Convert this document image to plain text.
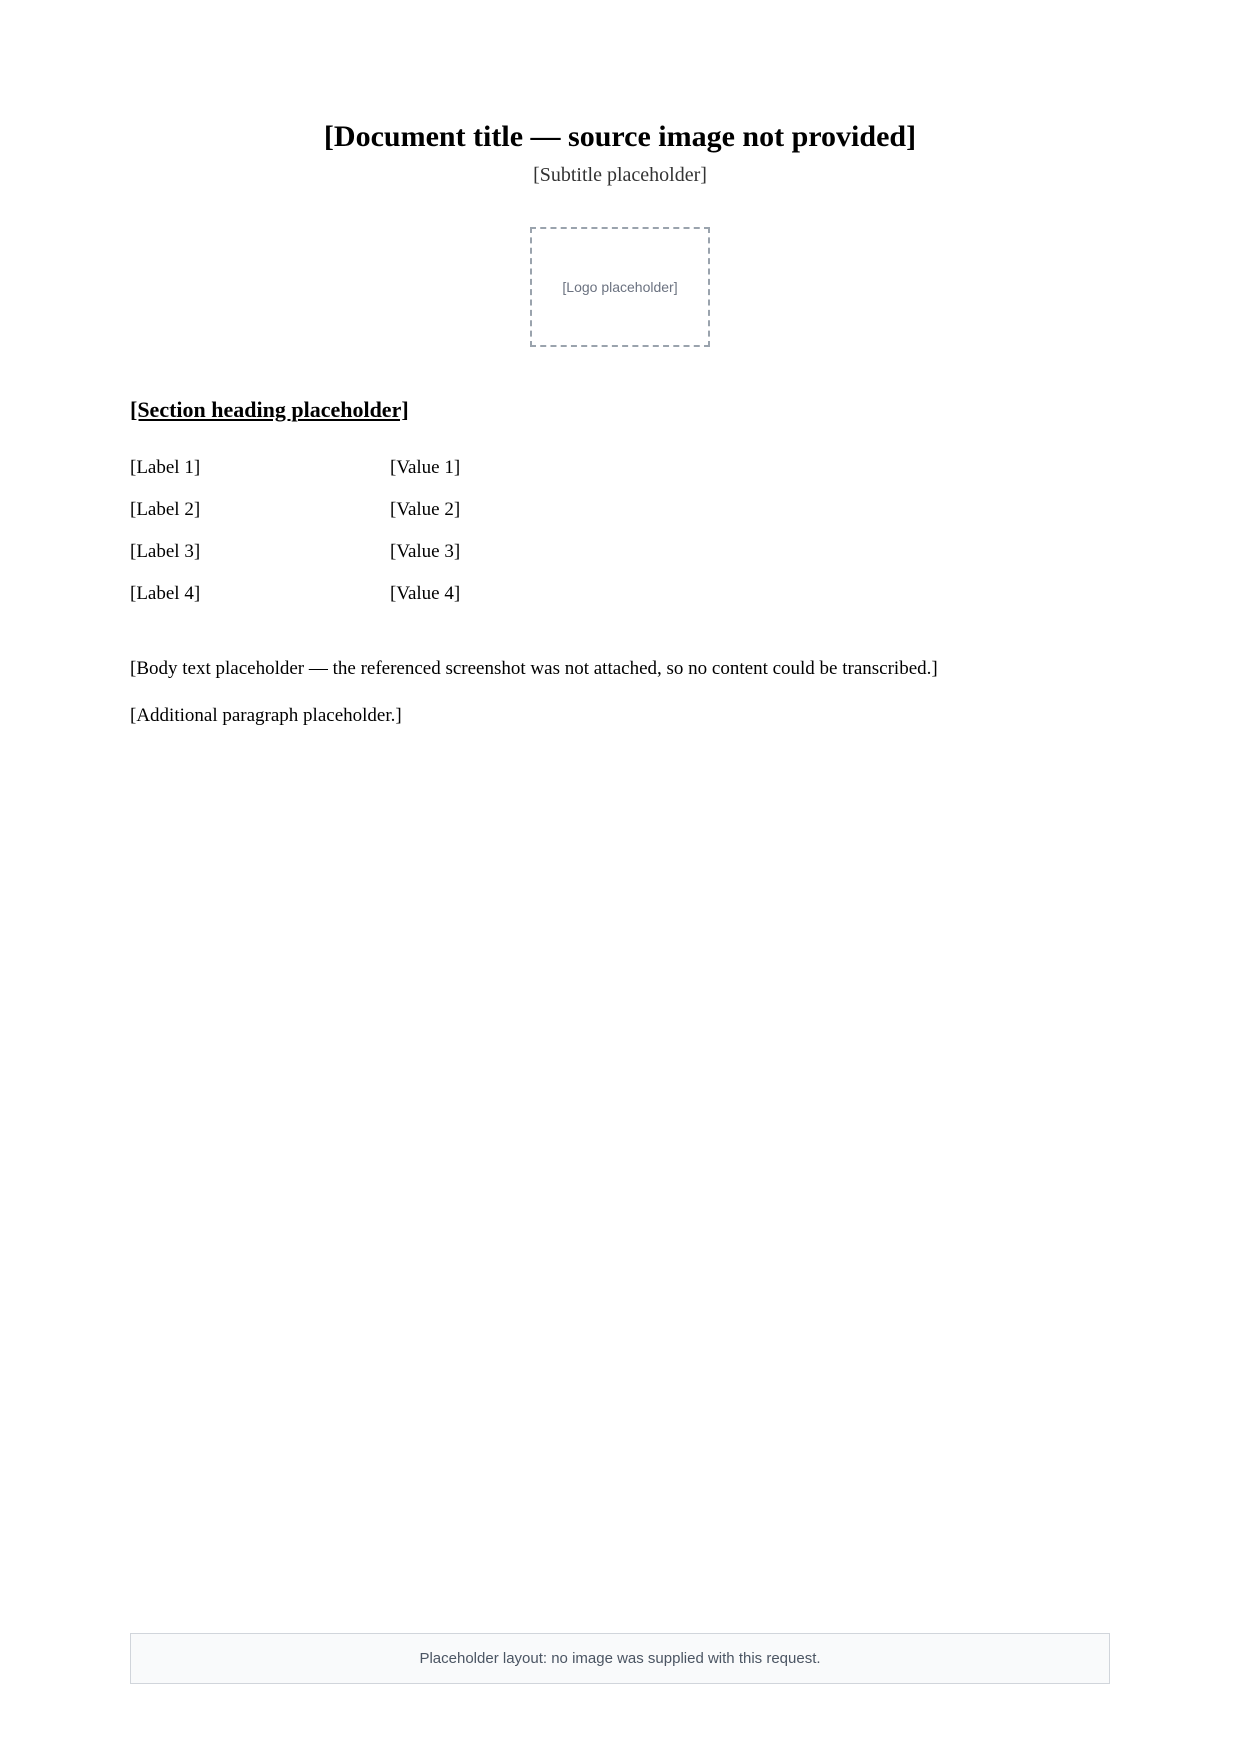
[Document title — source image not provided]
[Subtitle placeholder]
[Logo placeholder]
[Section heading placeholder]
[Label 1]	[Value 1]
[Label 2]	[Value 2]
[Label 3]	[Value 3]
[Label 4]	[Value 4]

[Body text placeholder — the referenced screenshot was not attached, so no content could be transcribed.]

[Additional paragraph placeholder.]

Placeholder layout: no image was supplied with this request.
